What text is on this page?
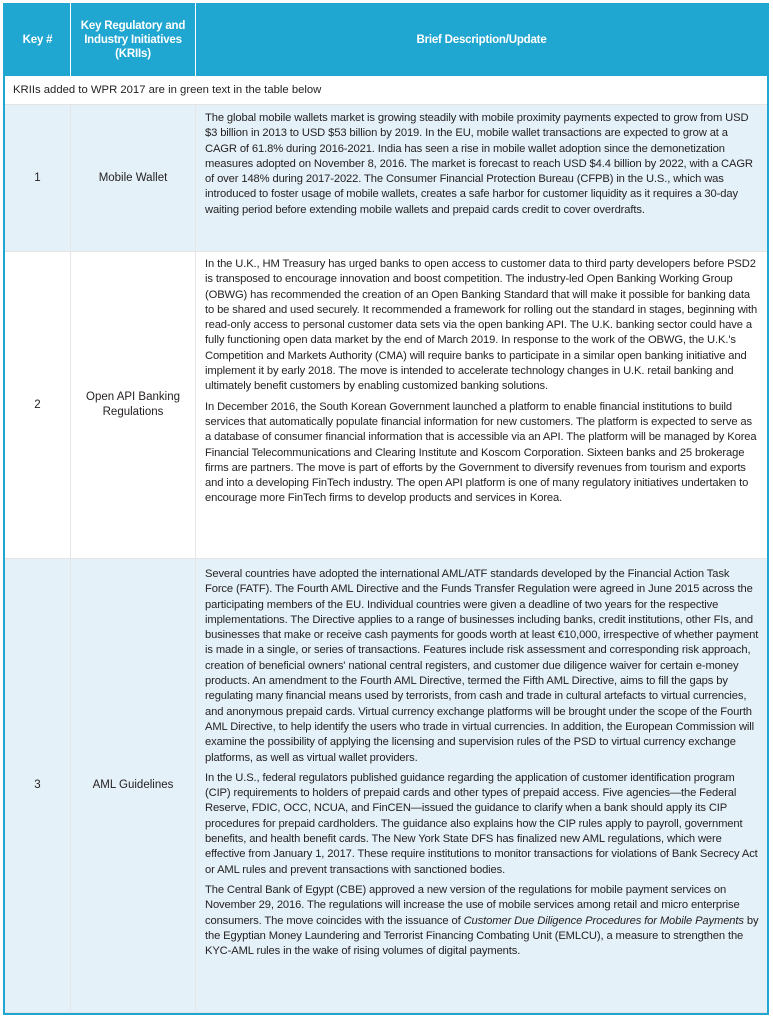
Key #
Key Regulatory and Industry Initiatives (KRIIs)
Brief Description/Update
KRIIs added to WPR 2017 are in green text in the table below
1	Mobile Wallet

The global mobile wallets market is growing steadily with mobile proximity payments expected to grow from USD $3 billion in 2013 to USD $53 billion by 2019. In the EU, mobile wallet transactions are expected to grow at a CAGR of 61.8% during 2016-2021. India has seen a rise in mobile wallet adoption since the demonetization measures adopted on November 8, 2016. The market is forecast to reach USD $4.4 billion by 2022, with a CAGR of over 148% during 2017-2022. The Consumer Financial Protection Bureau (CFPB) in the U.S., which was introduced to foster usage of mobile wallets, creates a safe harbor for customer liquidity as it requires a 30-day waiting period before extending mobile wallets and prepaid cards credit to cover overdrafts.

2
Open API Banking Regulations

In the U.K., HM Treasury has urged banks to open access to customer data to third party developers before PSD2 is transposed to encourage innovation and boost competition. The industry-led Open Banking Working Group (OBWG) has recommended the creation of an Open Banking Standard that will make it possible for banking data to be shared and used securely. It recommended a framework for rolling out the standard in stages, beginning with read-only access to personal customer data sets via the open banking API. The U.K. banking sector could have a fully functioning open data market by the end of March 2019. In response to the work of the OBWG, the U.K.'s Competition and Markets Authority (CMA) will require banks to participate in a similar open banking initiative and implement it by early 2018. The move is intended to accelerate technology changes in U.K. retail banking and ultimately benefit customers by enabling customized banking solutions.

In December 2016, the South Korean Government launched a platform to enable financial institutions to build services that automatically populate financial information for new customers. The platform is expected to serve as a database of consumer financial information that is accessible via an API. The platform will be managed by Korea Financial Telecommunications and Clearing Institute and Koscom Corporation. Sixteen banks and 25 brokerage firms are partners. The move is part of efforts by the Government to diversify revenues from tourism and exports and into a developing FinTech industry. The open API platform is one of many regulatory initiatives undertaken to encourage more FinTech firms to develop products and services in Korea.

3	AML Guidelines

Several countries have adopted the international AML/ATF standards developed by the Financial Action Task Force (FATF). The Fourth AML Directive and the Funds Transfer Regulation were agreed in June 2015 across the participating members of the EU. Individual countries were given a deadline of two years for the respective implementations. The Directive applies to a range of businesses including banks, credit institutions, other FIs, and businesses that make or receive cash payments for goods worth at least €10,000, irrespective of whether payment is made in a single, or series of transactions. Features include risk assessment and corresponding risk approach, creation of beneficial owners' national central registers, and customer due diligence waiver for certain e-money products. An amendment to the Fourth AML Directive, termed the Fifth AML Directive, aims to fill the gaps by regulating many financial means used by terrorists, from cash and trade in cultural artefacts to virtual currencies, and anonymous prepaid cards. Virtual currency exchange platforms will be brought under the scope of the Fourth AML Directive, to help identify the users who trade in virtual currencies. In addition, the European Commission will examine the possibility of applying the licensing and supervision rules of the PSD to virtual currency exchange platforms, as well as virtual wallet providers.

In the U.S., federal regulators published guidance regarding the application of customer identification program (CIP) requirements to holders of prepaid cards and other types of prepaid access. Five agencies—the Federal Reserve, FDIC, OCC, NCUA, and FinCEN—issued the guidance to clarify when a bank should apply its CIP procedures for prepaid cardholders. The guidance also explains how the CIP rules apply to payroll, government benefits, and health benefit cards. The New York State DFS has finalized new AML regulations, which were effective from January 1, 2017. These require institutions to monitor transactions for violations of Bank Secrecy Act or AML rules and prevent transactions with sanctioned bodies.

The Central Bank of Egypt (CBE) approved a new version of the regulations for mobile payment services on November 29, 2016. The regulations will increase the use of mobile services among retail and micro enterprise consumers. The move coincides with the issuance of Customer Due Diligence Procedures for Mobile Payments by the Egyptian Money Laundering and Terrorist Financing Combating Unit (EMLCU), a measure to strengthen the KYC-AML rules in the wake of rising volumes of digital payments.
